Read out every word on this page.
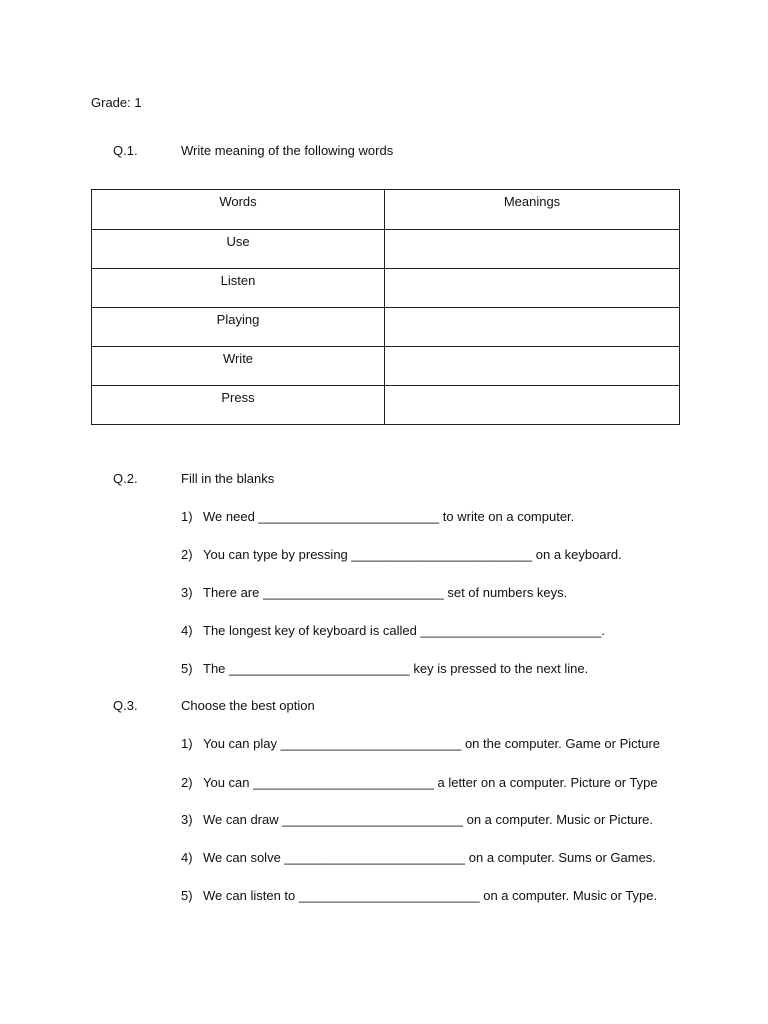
Grade: 1
Q.1.	Write meaning of the following words
Words	Meanings

Use	

Listen	

Playing	

Write	

Press	

Q.2.	Fill in the blanks
1) We need _________________________ to write on a computer.
2) You can type by pressing _________________________ on a keyboard.
3) There are _________________________ set of numbers keys.
4) The longest key of keyboard is called _________________________.
5) The _________________________ key is pressed to the next line.
Q.3.	Choose the best option
1) You can play _________________________ on the computer. Game or Picture
2) You can _________________________ a letter on a computer. Picture or Type
3) We can draw _________________________ on a computer. Music or Picture.
4) We can solve _________________________ on a computer. Sums or Games.
5) We can listen to _________________________ on a computer. Music or Type.
